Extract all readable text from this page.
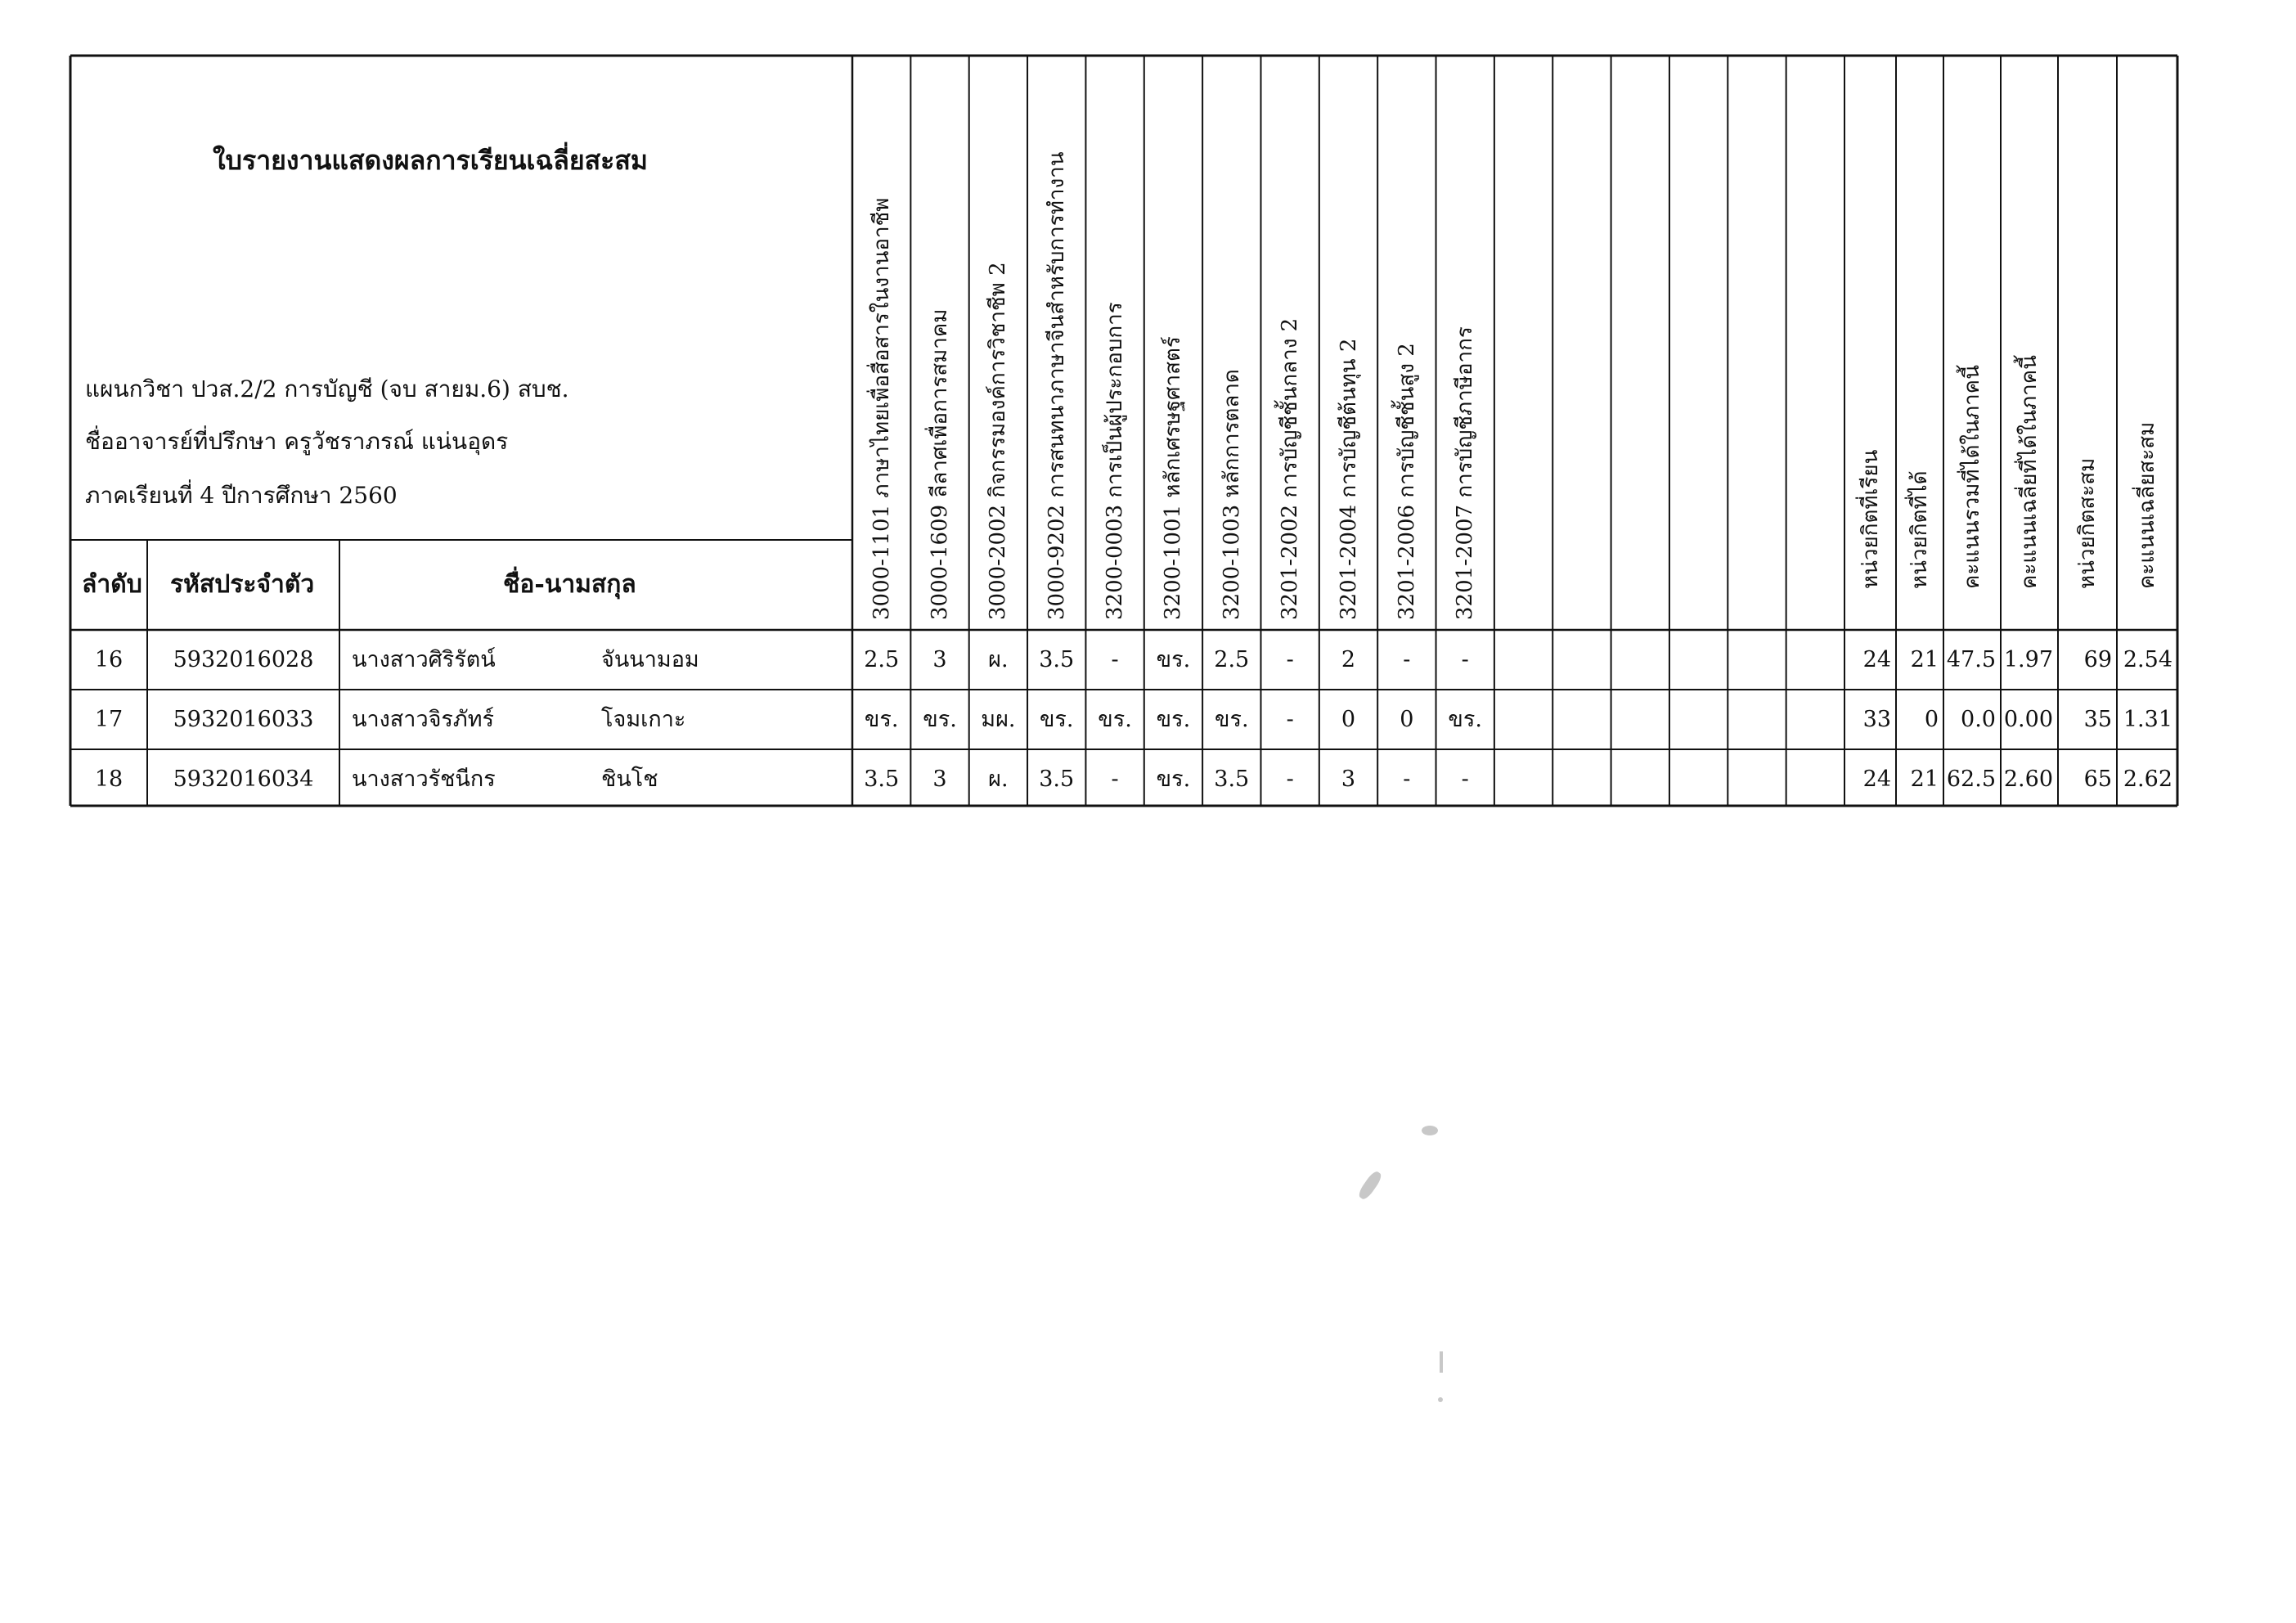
ใบรายงานแสดงผลการเรียนเฉลี่ยสะสม
แผนกวิชา ปวส.2/2 การบัญชี (จบ สายม.6) สบช.
ชื่ออาจารย์ที่ปรึกษา ครูวัชราภรณ์ แน่นอุดร
ภาคเรียนที่ 4 ปีการศึกษา 2560
ลำดับ รหัสประจำตัว	ชื่อ-นามสกุล	3000-1101 ภาษาไทยเพื่อสื่อสารในงานอาชีพ 3000-1609 ลีลาศเพื่อการสมาคม 3000-2002 กิจกรรมองค์การวิชาชีพ 2 3000-9202 การสนทนาภาษาจีนสำหรับการทำงาน 3200-0003 การเป็นผู้ประกอบการ 3200-1001 หลักเศรษฐศาสตร์ 3200-1003 หลักการตลาด 3201-2002 การบัญชีชั้นกลาง 2 3201-2004 การบัญชีต้นทุน 2 3201-2006 การบัญชีชั้นสูง 2 3201-2007 การบัญชีภาษีอากร	หน่วยกิตที่เรียน หน่วยกิตที่ได้ คะแนนรวมที่ได้ในภาคนี้ คะแนนเฉลี่ยที่ได้ในภาคนี้ หน่วยกิตสะสม คะแนนเฉลี่ยสะสม
16	5932016028	นางสาวศิริรัตน์	จันนามอม	2.5	3	ผ.	3.5	-	ขร.	2.5	-	2	-	-	24 21 47.5 1.97	69 2.54
17	5932016033	นางสาวจิรภัทร์	โจมเกาะ	ขร.	ขร.	มผ.	ขร.	ขร.	ขร.	ขร.	-	0	0	ขร.	33	0	0.0 0.00	35 1.31
18	5932016034	นางสาวรัชนีกร	ชินโช	3.5	3	ผ.	3.5	-	ขร.	3.5	-	3	-	-	24 21 62.5 2.60	65 2.62
